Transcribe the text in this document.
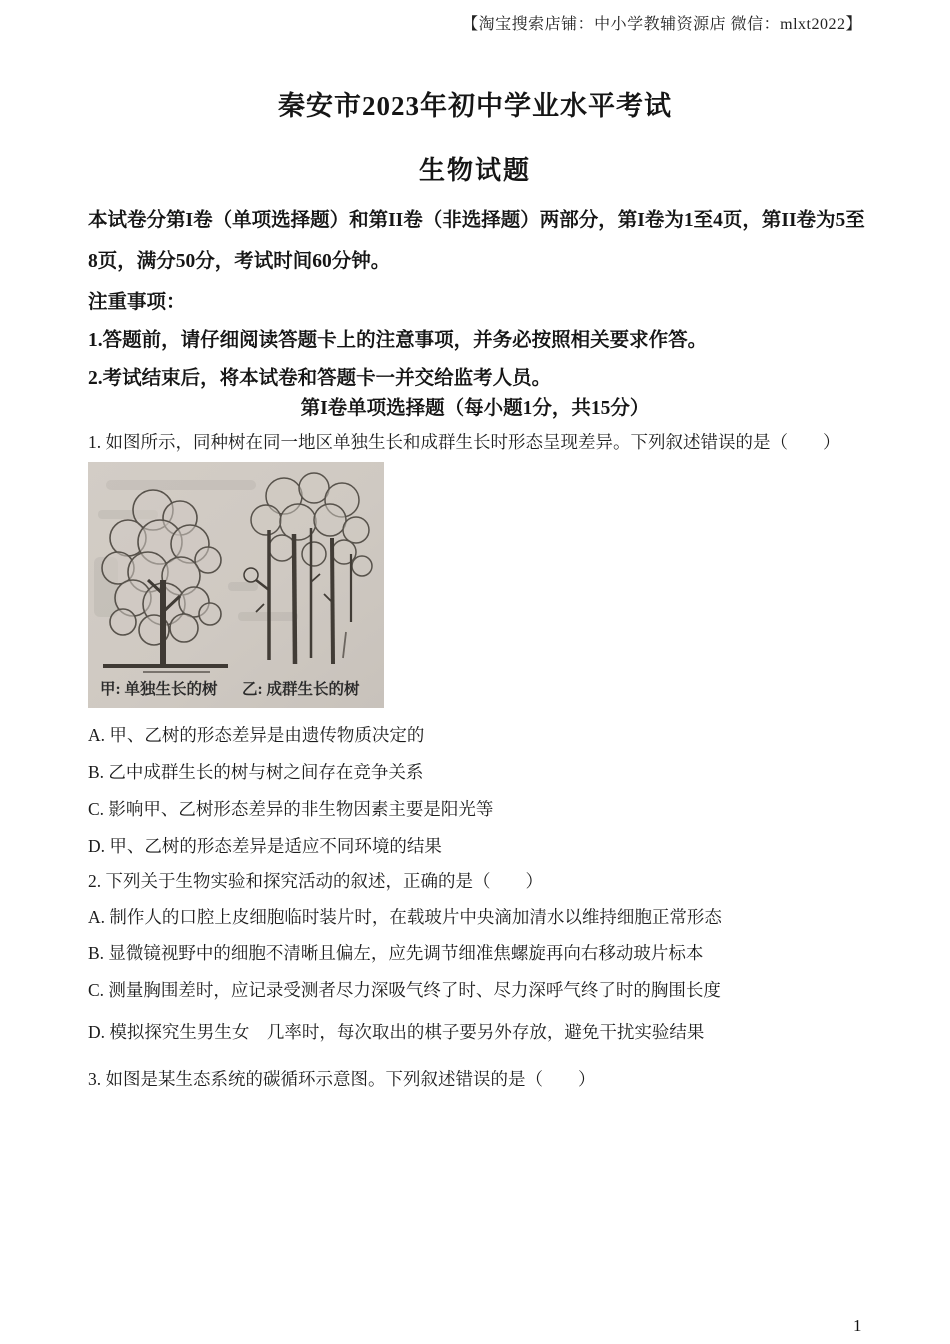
【淘宝搜索店铺：中小学教辅资源店 微信：mlxt2022】
秦安市2023年初中学业水平考试
生物试题
本试卷分第I卷（单项选择题）和第II卷（非选择题）两部分，第I卷为1至4页，第II卷为5至8页，满分50分，考试时间60分钟。
注重事项：
1.答题前，请仔细阅读答题卡上的注意事项，并务必按照相关要求作答。
2.考试结束后，将本试卷和答题卡一并交给监考人员。
第I卷单项选择题（每小题1分，共15分）
1. 如图所示，同种树在同一地区单独生长和成群生长时形态呈现差异。下列叙述错误的是（　　）
甲: 单独生长的树 乙: 成群生长的树
A. 甲、乙树的形态差异是由遗传物质决定的
B. 乙中成群生长的树与树之间存在竞争关系
C. 影响甲、乙树形态差异的非生物因素主要是阳光等
D. 甲、乙树的形态差异是适应不同环境的结果
2. 下列关于生物实验和探究活动的叙述，正确的是（　　）
A. 制作人的口腔上皮细胞临时装片时，在载玻片中央滴加清水以维持细胞正常形态
B. 显微镜视野中的细胞不清晰且偏左，应先调节细准焦螺旋再向右移动玻片标本
C. 测量胸围差时，应记录受测者尽力深吸气终了时、尽力深呼气终了时的胸围长度
D. 模拟探究生男生女　几率时，每次取出的棋子要另外存放，避免干扰实验结果
3. 如图是某生态系统的碳循环示意图。下列叙述错误的是（　　）
1
